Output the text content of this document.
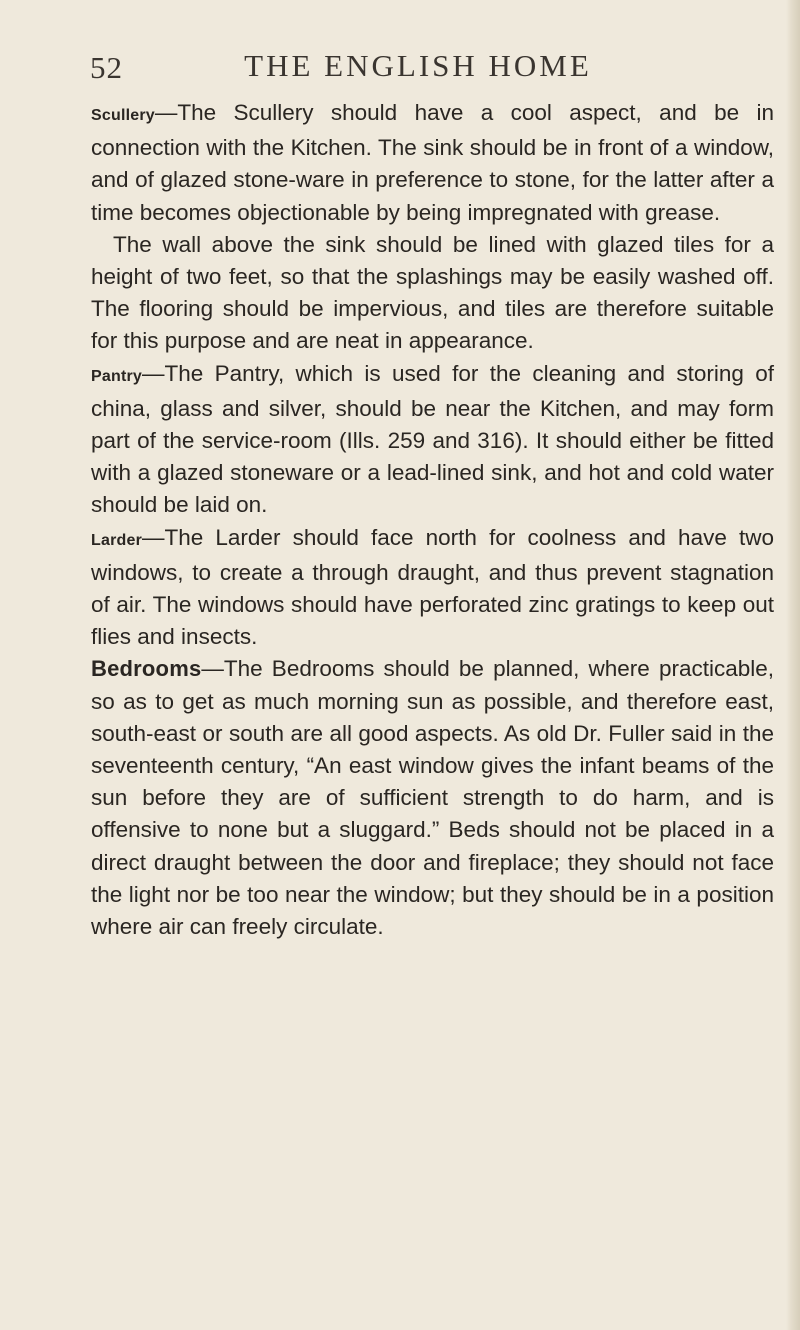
52	THE ENGLISH HOME

Scullery—The Scullery should have a cool aspect, and be in connection with the Kitchen. The sink should be in front of a window, and of glazed stone-ware in preference to stone, for the latter after a time becomes objectionable by being impregnated with grease.

The wall above the sink should be lined with glazed tiles for a height of two feet, so that the splashings may be easily washed off. The flooring should be impervious, and tiles are therefore suitable for this purpose and are neat in appearance.

Pantry—The Pantry, which is used for the cleaning and storing of china, glass and silver, should be near the Kitchen, and may form part of the service-room (Ills. 259 and 316). It should either be fitted with a glazed stoneware or a lead-lined sink, and hot and cold water should be laid on.

Larder—The Larder should face north for coolness and have two windows, to create a through draught, and thus prevent stagnation of air. The windows should have perforated zinc gratings to keep out flies and insects.

Bedrooms—The Bedrooms should be planned, where practicable, so as to get as much morning sun as possible, and therefore east, south-east or south are all good aspects. As old Dr. Fuller said in the seventeenth century, “An east window gives the infant beams of the sun before they are of sufficient strength to do harm, and is offensive to none but a sluggard.” Beds should not be placed in a direct draught between the door and fireplace; they should not face the light nor be too near the window; but they should be in a position where air can freely circulate.
